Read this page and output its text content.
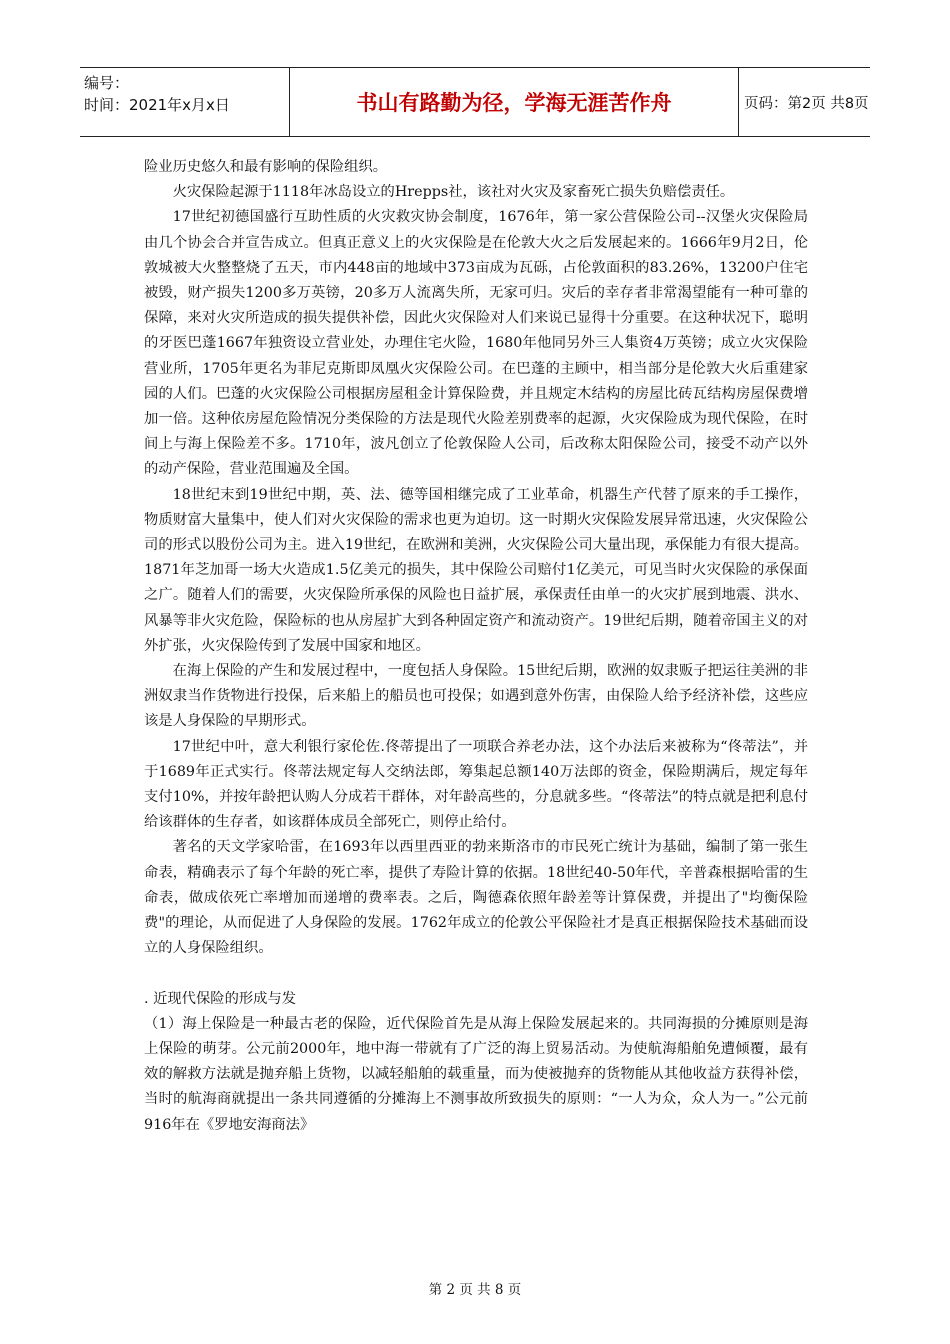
编号：
时间：2021年x月x日	书山有路勤为径，学海无涯苦作舟	页码：第2页 共8页

险业历史悠久和最有影响的保险组织。

火灾保险起源于1118年冰岛设立的Hrepps社，该社对火灾及家畜死亡损失负赔偿责任。

17世纪初德国盛行互助性质的火灾救灾协会制度，1676年，第一家公营保险公司--汉堡火灾保险局由几个协会合并宣告成立。但真正意义上的火灾保险是在伦敦大火之后发展起来的。1666年9月2日，伦敦城被大火整整烧了五天，市内448亩的地域中373亩成为瓦砾，占伦敦面积的83.26%，13200户住宅被毁，财产损失1200多万英镑，20多万人流离失所，无家可归。灾后的幸存者非常渴望能有一种可靠的保障，来对火灾所造成的损失提供补偿，因此火灾保险对人们来说已显得十分重要。在这种状况下，聪明的牙医巴蓬1667年独资设立营业处，办理住宅火险，1680年他同另外三人集资4万英镑；成立火灾保险营业所，1705年更名为菲尼克斯即凤凰火灾保险公司。在巴蓬的主顾中，相当部分是伦敦大火后重建家园的人们。巴蓬的火灾保险公司根据房屋租金计算保险费，并且规定木结构的房屋比砖瓦结构房屋保费增加一倍。这种依房屋危险情况分类保险的方法是现代火险差别费率的起源，火灾保险成为现代保险，在时间上与海上保险差不多。1710年，波凡创立了伦敦保险人公司，后改称太阳保险公司，接受不动产以外的动产保险，营业范围遍及全国。

18世纪末到19世纪中期，英、法、德等国相继完成了工业革命，机器生产代替了原来的手工操作，物质财富大量集中，使人们对火灾保险的需求也更为迫切。这一时期火灾保险发展异常迅速，火灾保险公司的形式以股份公司为主。进入19世纪，在欧洲和美洲，火灾保险公司大量出现，承保能力有很大提高。1871年芝加哥一场大火造成1.5亿美元的损失，其中保险公司赔付1亿美元，可见当时火灾保险的承保面之广。随着人们的需要，火灾保险所承保的风险也日益扩展，承保责任由单一的火灾扩展到地震、洪水、风暴等非火灾危险，保险标的也从房屋扩大到各种固定资产和流动资产。19世纪后期，随着帝国主义的对外扩张，火灾保险传到了发展中国家和地区。

在海上保险的产生和发展过程中，一度包括人身保险。15世纪后期，欧洲的奴隶贩子把运往美洲的非洲奴隶当作货物进行投保，后来船上的船员也可投保；如遇到意外伤害，由保险人给予经济补偿，这些应该是人身保险的早期形式。

17世纪中叶，意大利银行家伦佐.佟蒂提出了一项联合养老办法，这个办法后来被称为“佟蒂法”，并于1689年正式实行。佟蒂法规定每人交纳法郎，筹集起总额140万法郎的资金，保险期满后，规定每年支付10%，并按年龄把认购人分成若干群体，对年龄高些的，分息就多些。“佟蒂法”的特点就是把利息付给该群体的生存者，如该群体成员全部死亡，则停止给付。

著名的天文学家哈雷，在1693年以西里西亚的勃来斯洛市的市民死亡统计为基础，编制了第一张生命表，精确表示了每个年龄的死亡率，提供了寿险计算的依据。18世纪40-50年代，辛普森根据哈雷的生命表，做成依死亡率增加而递增的费率表。之后，陶德森依照年龄差等计算保费，并提出了"均衡保险费"的理论，从而促进了人身保险的发展。1762年成立的伦敦公平保险社才是真正根据保险技术基础而设立的人身保险组织。

. 近现代保险的形成与发

（1）海上保险是一种最古老的保险，近代保险首先是从海上保险发展起来的。共同海损的分摊原则是海上保险的萌芽。公元前2000年，地中海一带就有了广泛的海上贸易活动。为使航海船舶免遭倾覆，最有效的解救方法就是抛弃船上货物，以减轻船舶的载重量，而为使被抛弃的货物能从其他收益方获得补偿，当时的航海商就提出一条共同遵循的分摊海上不测事故所致损失的原则：“一人为众，众人为一。”公元前916年在《罗地安海商法》

第 2 页 共 8 页
